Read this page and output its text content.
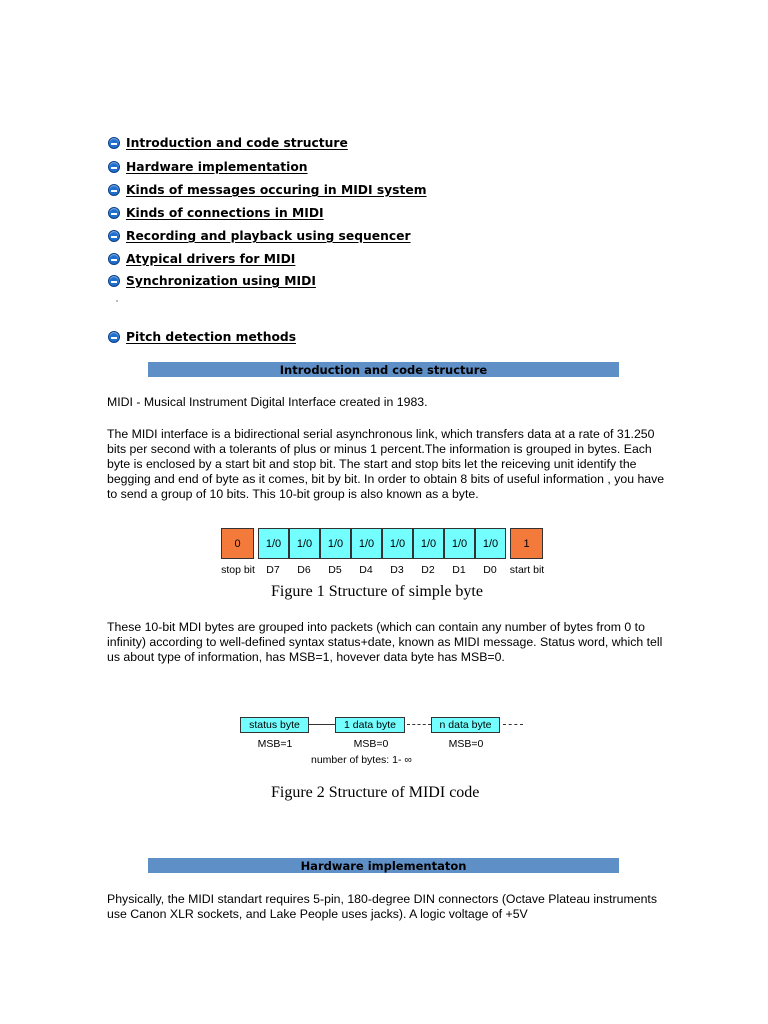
Introduction and code structure
Hardware implementation
Kinds of messages occuring in MIDI system
Kinds of connections in MIDI
Recording and playback using sequencer
Atypical drivers for MIDI
Synchronization using MIDI
Pitch detection methods
Introduction and code structure

MIDI - Musical Instrument Digital Interface created in 1983.

The MIDI interface is a bidirectional serial asynchronous link, which transfers data at a rate of 31.250 bits per second with a tolerants of plus or minus 1 percent.The information is grouped in bytes. Each byte is enclosed by a start bit and stop bit. The start and stop bits let the reiceving unit identify the begging and end of byte as it comes, bit by bit. In order to obtain 8 bits of useful information , you have to send a group of 10 bits. This 10-bit group is also known as a byte.

0	1/0	1/0	1/0	1/0	1/0	1/0	1/0	1/0	1
stop bit D7 D6 D5 D4 D3 D2 D1 D0 start bit
Figure 1 Structure of simple byte

These 10-bit MDI bytes are grouped into packets (which can contain any number of bytes from 0 to infinity) according to well-defined syntax status+date, known as MIDI message. Status word, which tell us about type of information, has MSB=1, hovever data byte has MSB=0.

status byte	1 data byte	n data byte
MSB=1	MSB=0	MSB=0
number of bytes: 1- ∞
Figure 2 Structure of MIDI code
Hardware implementaton

Physically, the MIDI standart requires 5-pin, 180-degree DIN connectors (Octave Plateau instruments use Canon XLR sockets, and Lake People uses jacks). A logic voltage of +5V
